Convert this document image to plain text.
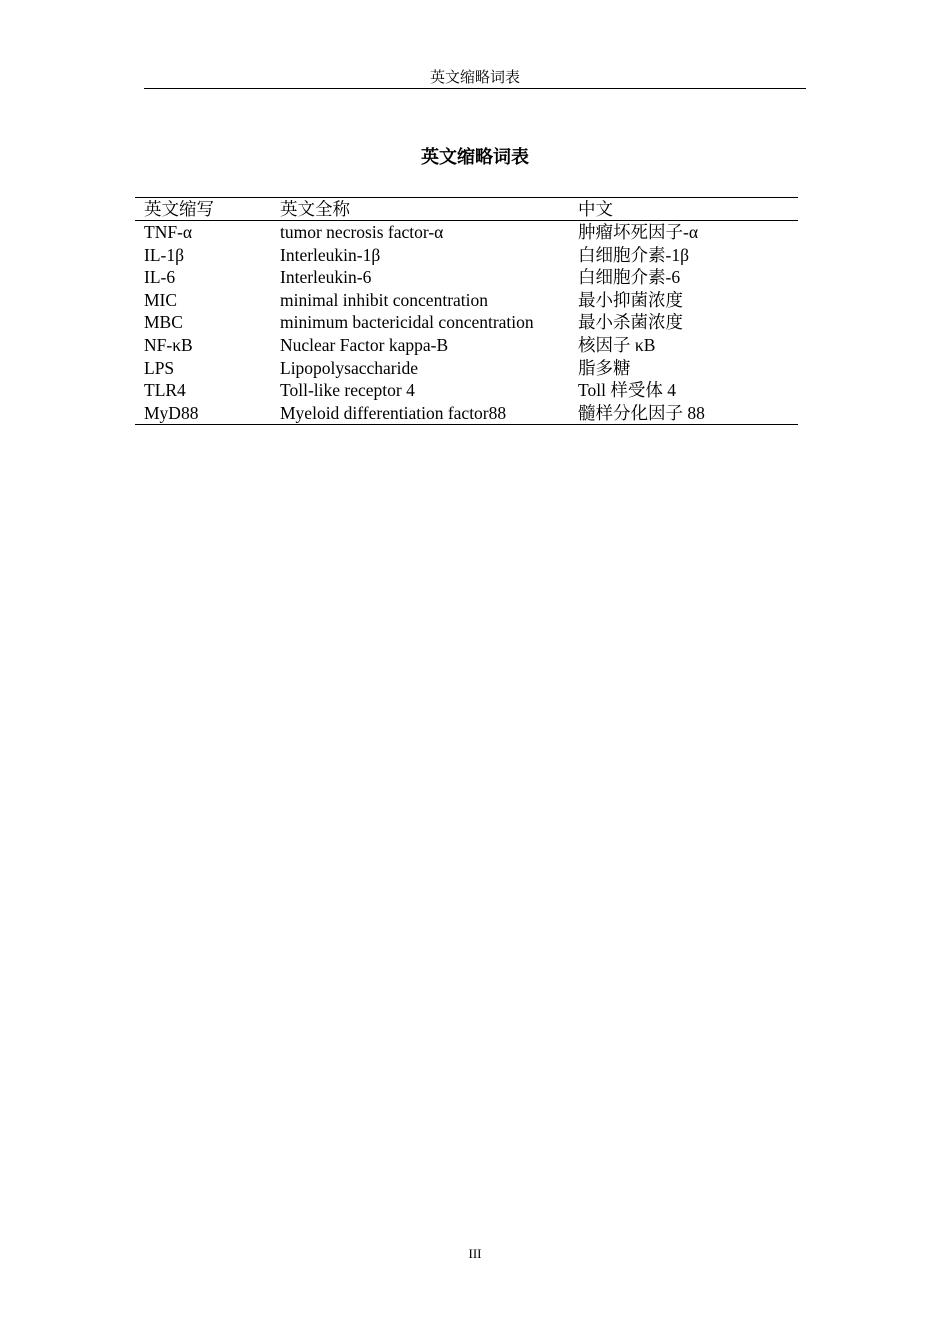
英文缩略词表
英文缩略词表
英文缩写	英文全称	中文
TNF-α	tumor necrosis factor-α	肿瘤坏死因子-α
IL-1β	Interleukin-1β	白细胞介素-1β
IL-6	Interleukin-6	白细胞介素-6
MIC	minimal inhibit concentration	最小抑菌浓度
MBC	minimum bactericidal concentration	最小杀菌浓度
NF-κB	Nuclear Factor kappa-B	核因子 κB
LPS	Lipopolysaccharide	脂多糖
TLR4	Toll-like receptor 4	Toll 样受体 4
MyD88	Myeloid differentiation factor88	髓样分化因子 88
III
